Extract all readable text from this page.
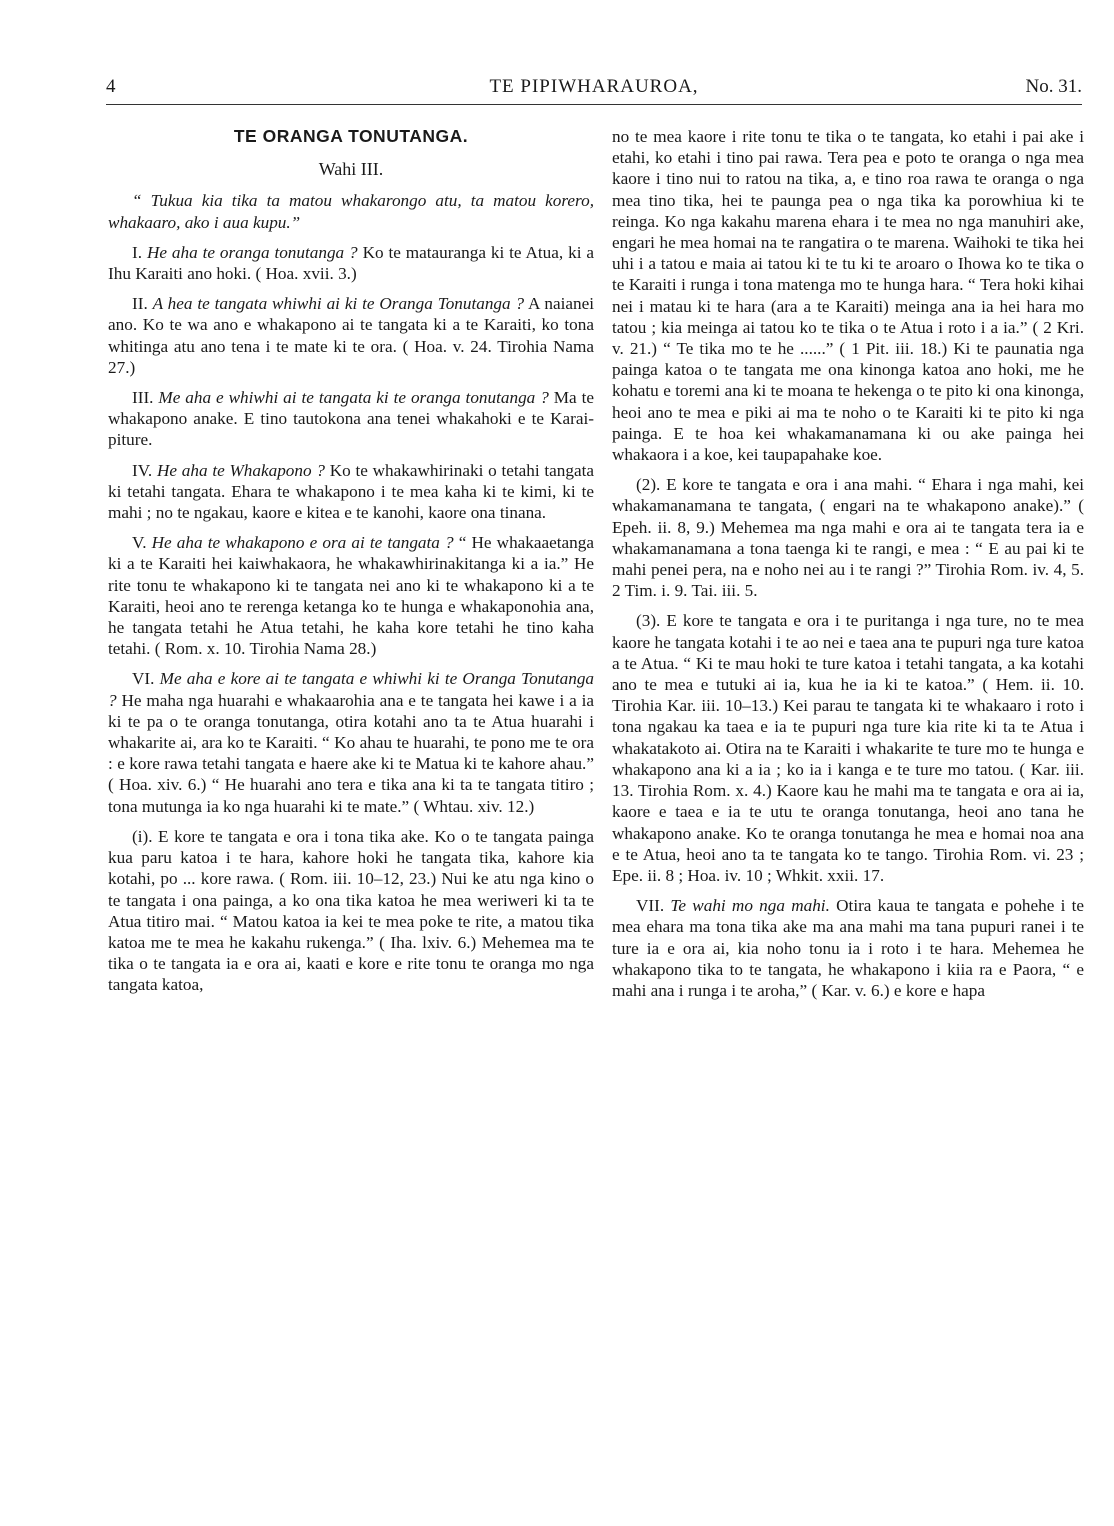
4	TE PIPIWHARAUROA,	No. 31.
TE ORANGA TONUTANGA.
Wahi III.

“ Tukua kia tika ta matou whakarongo atu, ta matou korero, whakaaro, ako i aua kupu.”

I. He aha te oranga tonutanga ? Ko te matauranga ki te Atua, ki a Ihu Karaiti ano hoki. ( Hoa. xvii. 3.)

II. A hea te tangata whiwhi ai ki te Oranga Tonutanga ? A naianei ano. Ko te wa ano e whakapono ai te tangata ki a te Karaiti, ko tona whitinga atu ano tena i te mate ki te ora. ( Hoa. v. 24. Tirohia Nama 27.)

III. Me aha e whiwhi ai te tangata ki te oranga tonutanga ? Ma te whakapono anake. E tino tautokona ana tenei whakahoki e te Karaipiture.

IV. He aha te Whakapono ? Ko te whakawhirinaki o tetahi tangata ki tetahi tangata. Ehara te whakapono i te mea kaha ki te kimi, ki te mahi ; no te ngakau, kaore e kitea e te kanohi, kaore ona tinana.

V. He aha te whakapono e ora ai te tangata ? “ He whakaaetanga ki a te Karaiti hei kaiwhakaora, he whakawhirinakitanga ki a ia.” He rite tonu te whakapono ki te tangata nei ano ki te whakapono ki a te Karaiti, heoi ano te rerenga ketanga ko te hunga e whakaponohia ana, he tangata tetahi he Atua tetahi, he kaha kore tetahi he tino kaha tetahi. ( Rom. x. 10. Tirohia Nama 28.)

VI. Me aha e kore ai te tangata e whiwhi ki te Oranga Tonutanga ? He maha nga huarahi e whakaarohia ana e te tangata hei kawe i a ia ki te pa o te oranga tonutanga, otira kotahi ano ta te Atua huarahi i whakarite ai, ara ko te Karaiti. “ Ko ahau te huarahi, te pono me te ora : e kore rawa tetahi tangata e haere ake ki te Matua ki te kahore ahau.” ( Hoa. xiv. 6.) “ He huarahi ano tera e tika ana ki ta te tangata titiro ; tona mutunga ia ko nga huarahi ki te mate.” ( Whtau. xiv. 12.)

(i). E kore te tangata e ora i tona tika ake. Ko o te tangata painga kua paru katoa i te hara, kahore hoki he tangata tika, kahore kia kotahi, po ... kore rawa. ( Rom. iii. 10–12, 23.) Nui ke atu nga kino o te tangata i ona painga, a ko ona tika katoa he mea weriweri ki ta te Atua titiro mai. “ Matou katoa ia kei te mea poke te rite, a matou tika katoa me te mea he kakahu rukenga.” ( Iha. lxiv. 6.) Mehemea ma te tika o te tangata ia e ora ai, kaati e kore e rite tonu te oranga mo nga tangata katoa,

no te mea kaore i rite tonu te tika o te tangata, ko etahi i pai ake i etahi, ko etahi i tino pai rawa. Tera pea e poto te oranga o nga mea kaore i tino nui to ratou na tika, a, e tino roa rawa te oranga o nga mea tino tika, hei te paunga pea o nga tika ka porowhiua ki te reinga. Ko nga kakahu marena ehara i te mea no nga manuhiri ake, engari he mea homai na te rangatira o te marena. Waihoki te tika hei uhi i a tatou e maia ai tatou ki te tu ki te aroaro o Ihowa ko te tika o te Karaiti i runga i tona matenga mo te hunga hara. “ Tera hoki kihai nei i matau ki te hara (ara a te Karaiti) meinga ana ia hei hara mo tatou ; kia meinga ai tatou ko te tika o te Atua i roto i a ia.” ( 2 Kri. v. 21.) “ Te tika mo te he ......” ( 1 Pit. iii. 18.) Ki te paunatia nga painga katoa o te tangata me ona kinonga katoa ano hoki, me he kohatu e toremi ana ki te moana te hekenga o te pito ki ona kinonga, heoi ano te mea e piki ai ma te noho o te Karaiti ki te pito ki nga painga. E te hoa kei whakamanamana ki ou ake painga hei whakaora i a koe, kei taupapahake koe.

(2). E kore te tangata e ora i ana mahi. “ Ehara i nga mahi, kei whakamanamana te tangata, ( engari na te whakapono anake).” ( Epeh. ii. 8, 9.) Mehemea ma nga mahi e ora ai te tangata tera ia e whakamanamana a tona taenga ki te rangi, e mea : “ E au pai ki te mahi penei pera, na e noho nei au i te rangi ?” Tirohia Rom. iv. 4, 5. 2 Tim. i. 9. Tai. iii. 5.

(3). E kore te tangata e ora i te puritanga i nga ture, no te mea kaore he tangata kotahi i te ao nei e taea ana te pupuri nga ture katoa a te Atua. “ Ki te mau hoki te ture katoa i tetahi tangata, a ka kotahi ano te mea e tutuki ai ia, kua he ia ki te katoa.” ( Hem. ii. 10. Tirohia Kar. iii. 10–13.) Kei parau te tangata ki te whakaaro i roto i tona ngakau ka taea e ia te pupuri nga ture kia rite ki ta te Atua i whakatakoto ai. Otira na te Karaiti i whakarite te ture mo te hunga e whakapono ana ki a ia ; ko ia i kanga e te ture mo tatou. ( Kar. iii. 13. Tirohia Rom. x. 4.) Kaore kau he mahi ma te tangata e ora ai ia, kaore e taea e ia te utu te oranga tonutanga, heoi ano tana he whakapono anake. Ko te oranga tonutanga he mea e homai noa ana e te Atua, heoi ano ta te tangata ko te tango. Tirohia Rom. vi. 23 ; Epe. ii. 8 ; Hoa. iv. 10 ; Whkit. xxii. 17.

VII. Te wahi mo nga mahi. Otira kaua te tangata e pohehe i te mea ehara ma tona tika ake ma ana mahi ma tana pupuri ranei i te ture ia e ora ai, kia noho tonu ia i roto i te hara. Mehemea he whakapono tika to te tangata, he whakapono i kiia ra e Paora, “ e mahi ana i runga i te aroha,” ( Kar. v. 6.) e kore e hapa
